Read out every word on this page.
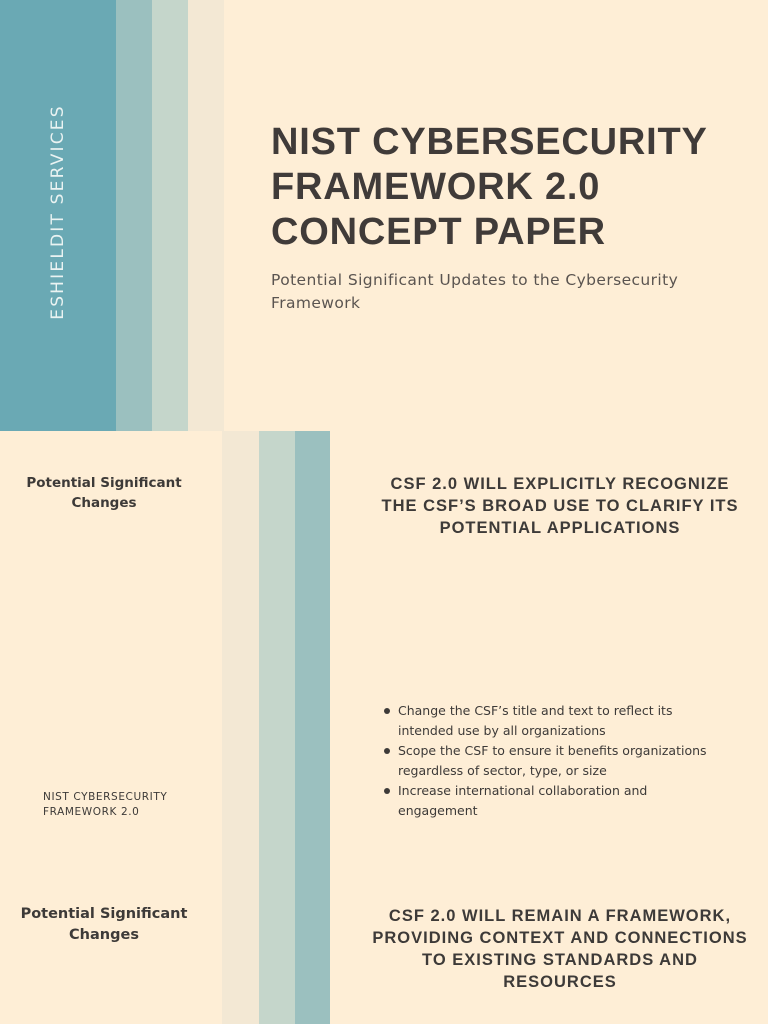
ESHIELDIT SERVICES	NIST CYBERSECURITY FRAMEWORK 2.0 CONCEPT PAPER

Potential Significant Updates to the Cybersecurity Framework

Potential Significant Changes
CSF 2.0 WILL EXPLICITLY RECOGNIZE THE CSF’S BROAD USE TO CLARIFY ITS POTENTIAL APPLICATIONS
Change the CSF’s title and text to reflect its intended use by all organizations
Scope the CSF to ensure it benefits organizations regardless of sector, type, or size
Increase international collaboration and engagement
NIST CYBERSECURITY FRAMEWORK 2.0
Potential Significant Changes
CSF 2.0 WILL REMAIN A FRAMEWORK, PROVIDING CONTEXT AND CONNECTIONS TO EXISTING STANDARDS AND RESOURCES
